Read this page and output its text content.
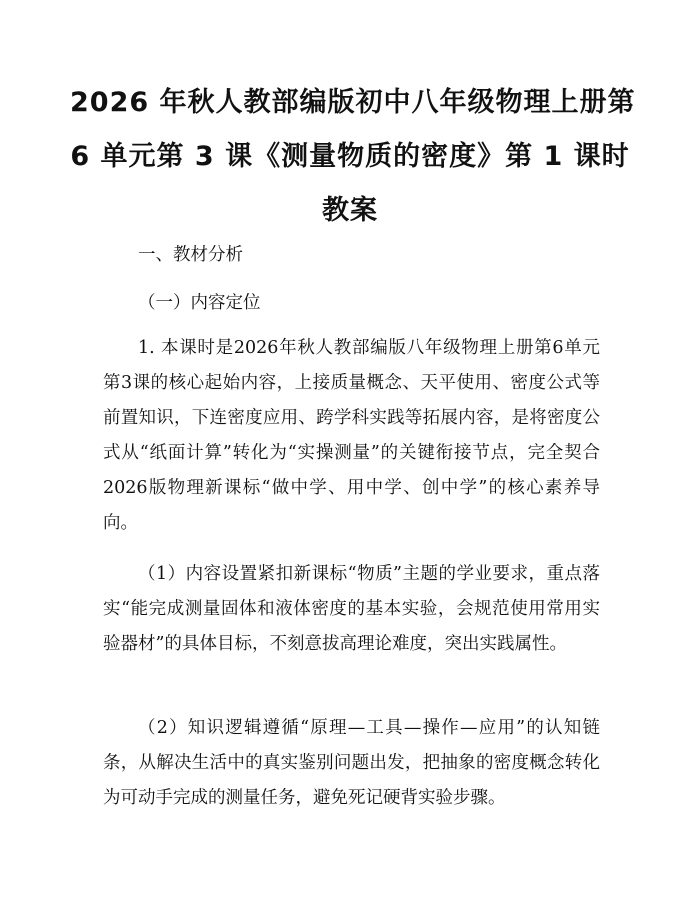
2026 年秋人教部编版初中八年级物理上册第
6 单元第 3 课《测量物质的密度》第 1 课时
教案

一、教材分析

（一）内容定位

1. 本课时是2026年秋人教部编版八年级物理上册第6单元第3课的核心起始内容，上接质量概念、天平使用、密度公式等前置知识，下连密度应用、跨学科实践等拓展内容，是将密度公式从“纸面计算”转化为“实操测量”的关键衔接节点，完全契合2026版物理新课标“做中学、用中学、创中学”的核心素养导向。

（1）内容设置紧扣新课标“物质”主题的学业要求，重点落实“能完成测量固体和液体密度的基本实验，会规范使用常用实验器材”的具体目标，不刻意拔高理论难度，突出实践属性。

（2）知识逻辑遵循“原理—工具—操作—应用”的认知链条，从解决生活中的真实鉴别问题出发，把抽象的密度概念转化为可动手完成的测量任务，避免死记硬背实验步骤。
